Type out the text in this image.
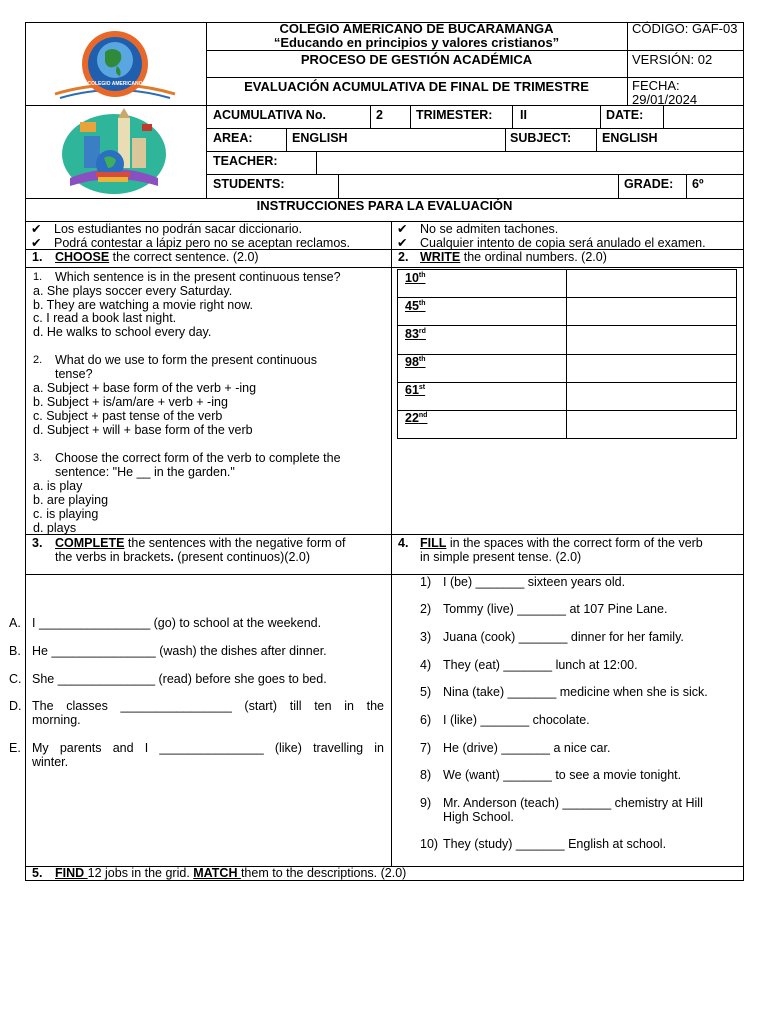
COLEGIO AMERICANO
COLEGIO AMERICANO DE BUCARAMANGA
“Educando en principios y valores cristianos”
PROCESO DE GESTIÓN ACADÉMICA
EVALUACIÓN ACUMULATIVA DE FINAL DE TRIMESTRE
CÓDIGO: GAF-03
VERSIÓN: 02
FECHA:
29/01/2024
ACUMULATIVA No.	2	TRIMESTER: II	DATE:
AREA:	ENGLISH	SUBJECT: ENGLISH
TEACHER:
STUDENTS:	GRADE: 6º
INSTRUCCIONES PARA LA EVALUACIÓN
✔ Los estudiantes no podrán sacar diccionario.
✔ Podrá contestar a lápiz pero no se aceptan reclamos.
✔ No se admiten tachones.
✔ Cualquier intento de copia será anulado el examen.
1. CHOOSE the correct sentence. (2.0)	2. WRITE the ordinal numbers. (2.0)
1. Which sentence is in the present continuous tense?
a. She plays soccer every Saturday.
b. They are watching a movie right now.
c. I read a book last night.
d. He walks to school every day.
2. What do we use to form the present continuous
tense?
a. Subject + base form of the verb + -ing
b. Subject + is/am/are + verb + -ing
c. Subject + past tense of the verb
d. Subject + will + base form of the verb
3. Choose the correct form of the verb to complete the
sentence: "He __ in the garden."
a. is play
b. are playing
c. is playing
d. plays
10th
45th
83rd
98th
61st
22nd
3. COMPLETE the sentences with the negative form of
the verbs in brackets. (present continuos)(2.0)
4. FILL in the spaces with the correct form of the verb
in simple present tense. (2.0)
A. I ________________ (go) to school at the weekend.
B. He _______________ (wash) the dishes after dinner.
C. She ______________ (read) before she goes to bed.
D. The classes ________________ (start) till ten in the
morning.
E. My parents and I _______________ (like) travelling in
winter.
1) I (be) _______ sixteen years old.
2) Tommy (live) _______ at 107 Pine Lane.
3) Juana (cook) _______ dinner for her family.
4) They (eat) _______ lunch at 12:00.
5) Nina (take) _______ medicine when she is sick.
6) I (like) _______ chocolate.
7) He (drive) _______ a nice car.
8) We (want) _______ to see a movie tonight.
9) Mr. Anderson (teach) _______ chemistry at Hill
High School.
10) They (study) _______ English at school.
5. FIND 12 jobs in the grid. MATCH them to the descriptions. (2.0)
